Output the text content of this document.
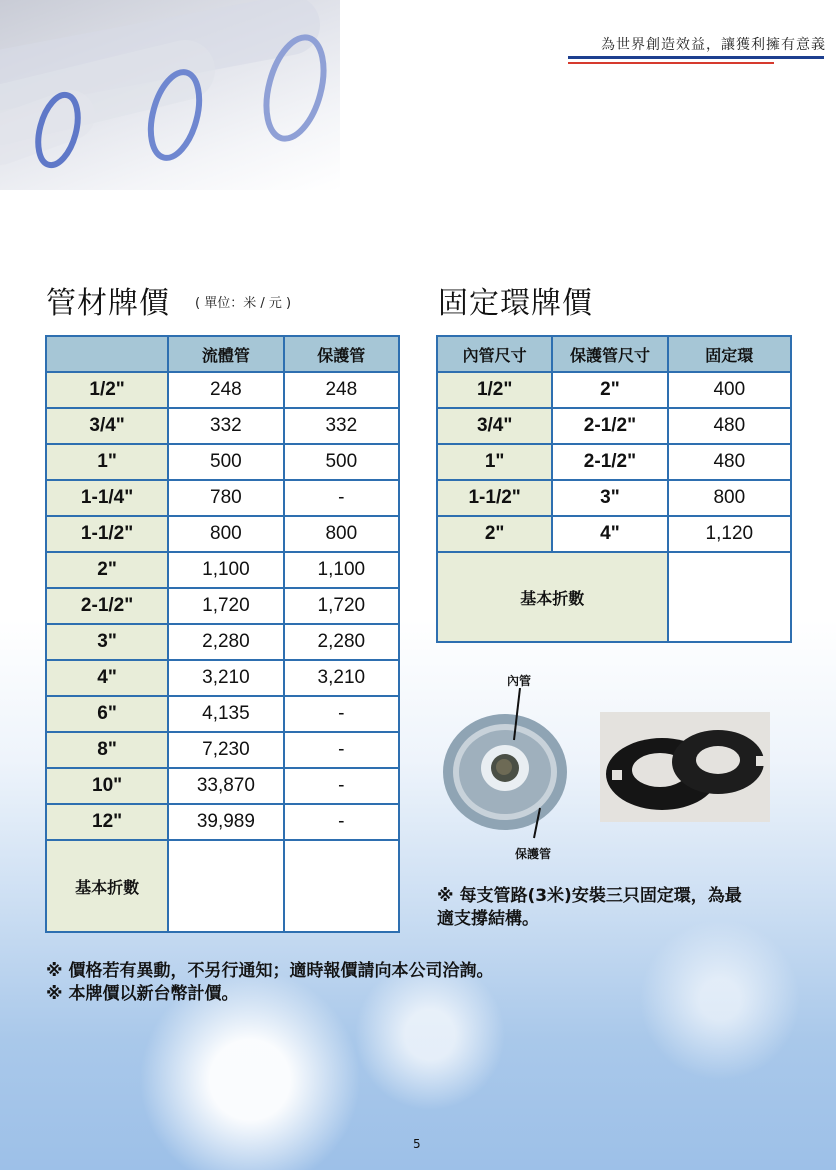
為世界創造效益，讓獲利擁有意義
管材牌價 ( 單位：米 / 元 )
	流體管	保護管
1/2"	248	248
3/4"	332	332
1"	500	500
1-1/4"	780	-
1-1/2"	800	800
2"	1,100	1,100
2-1/2"	1,720	1,720
3"	2,280	2,280
4"	3,210	3,210
6"	4,135	-
8"	7,230	-
10"	33,870	-
12"	39,989	-
基本折數		
固定環牌價
內管尺寸	保護管尺寸	固定環
1/2"	2"	400
3/4"	2-1/2"	480
1"	2-1/2"	480
1-1/2"	3"	800
2"	4"	1,120
基本折數		
內管
保護管
※ 每支管路(3米)安裝三只固定環，為最
適支撐結構。
※ 價格若有異動，不另行通知；適時報價請向本公司洽詢。
※ 本牌價以新台幣計價。
5
